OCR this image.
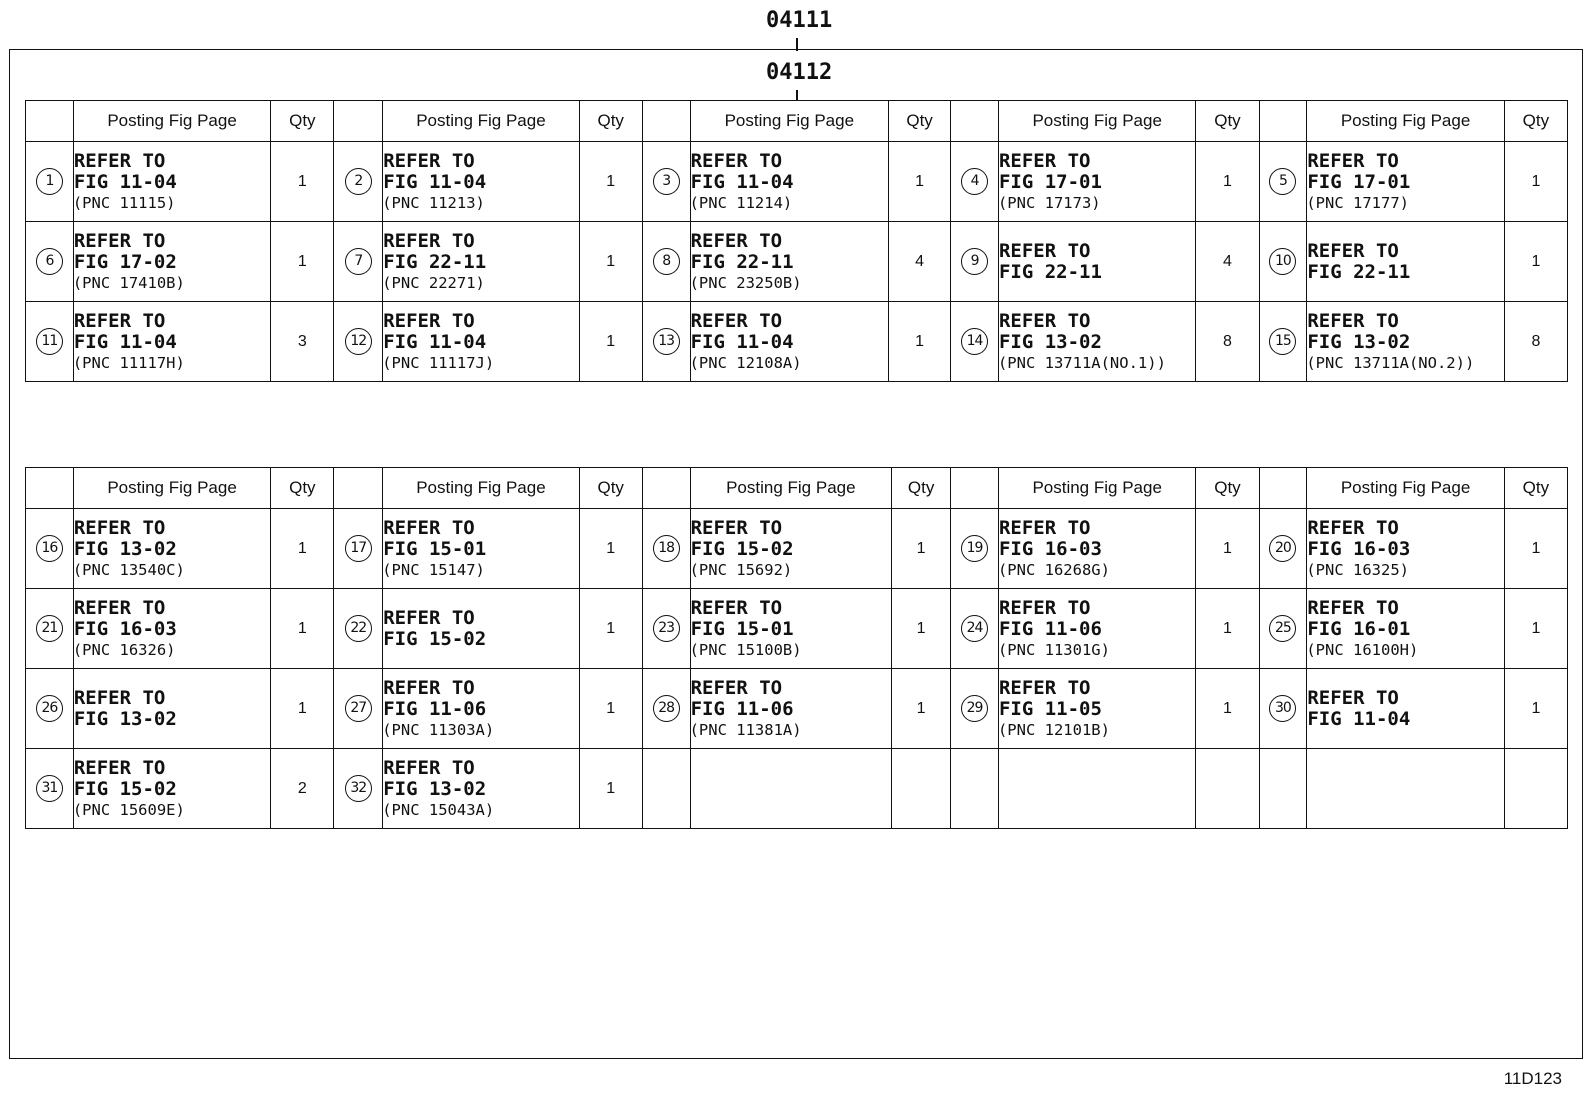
04111
04112
	Posting Fig Page	Qty		Posting Fig Page	Qty		Posting Fig Page	Qty		Posting Fig Page	Qty		Posting Fig Page	Qty
1	REFER TO
FIG 11-04
(PNC 11115)	1	2	REFER TO
FIG 11-04
(PNC 11213)	1	3	REFER TO
FIG 11-04
(PNC 11214)	1	4	REFER TO
FIG 17-01
(PNC 17173)	1	5	REFER TO
FIG 17-01
(PNC 17177)	1
6	REFER TO
FIG 17-02
(PNC 17410B)	1	7	REFER TO
FIG 22-11
(PNC 22271)	1	8	REFER TO
FIG 22-11
(PNC 23250B)	4	9	REFER TO
FIG 22-11	4	10	REFER TO
FIG 22-11	1
11	REFER TO
FIG 11-04
(PNC 11117H)	3	12	REFER TO
FIG 11-04
(PNC 11117J)	1	13	REFER TO
FIG 11-04
(PNC 12108A)	1	14	REFER TO
FIG 13-02
(PNC 13711A(NO.1))	8	15	REFER TO
FIG 13-02
(PNC 13711A(NO.2))	8
	Posting Fig Page	Qty		Posting Fig Page	Qty		Posting Fig Page	Qty		Posting Fig Page	Qty		Posting Fig Page	Qty
16	REFER TO
FIG 13-02
(PNC 13540C)	1	17	REFER TO
FIG 15-01
(PNC 15147)	1	18	REFER TO
FIG 15-02
(PNC 15692)	1	19	REFER TO
FIG 16-03
(PNC 16268G)	1	20	REFER TO
FIG 16-03
(PNC 16325)	1
21	REFER TO
FIG 16-03
(PNC 16326)	1	22	REFER TO
FIG 15-02	1	23	REFER TO
FIG 15-01
(PNC 15100B)	1	24	REFER TO
FIG 11-06
(PNC 11301G)	1	25	REFER TO
FIG 16-01
(PNC 16100H)	1
26	REFER TO
FIG 13-02	1	27	REFER TO
FIG 11-06
(PNC 11303A)	1	28	REFER TO
FIG 11-06
(PNC 11381A)	1	29	REFER TO
FIG 11-05
(PNC 12101B)	1	30	REFER TO
FIG 11-04	1
31	REFER TO
FIG 15-02
(PNC 15609E)	2	32	REFER TO
FIG 13-02
(PNC 15043A)	1									
11D123
